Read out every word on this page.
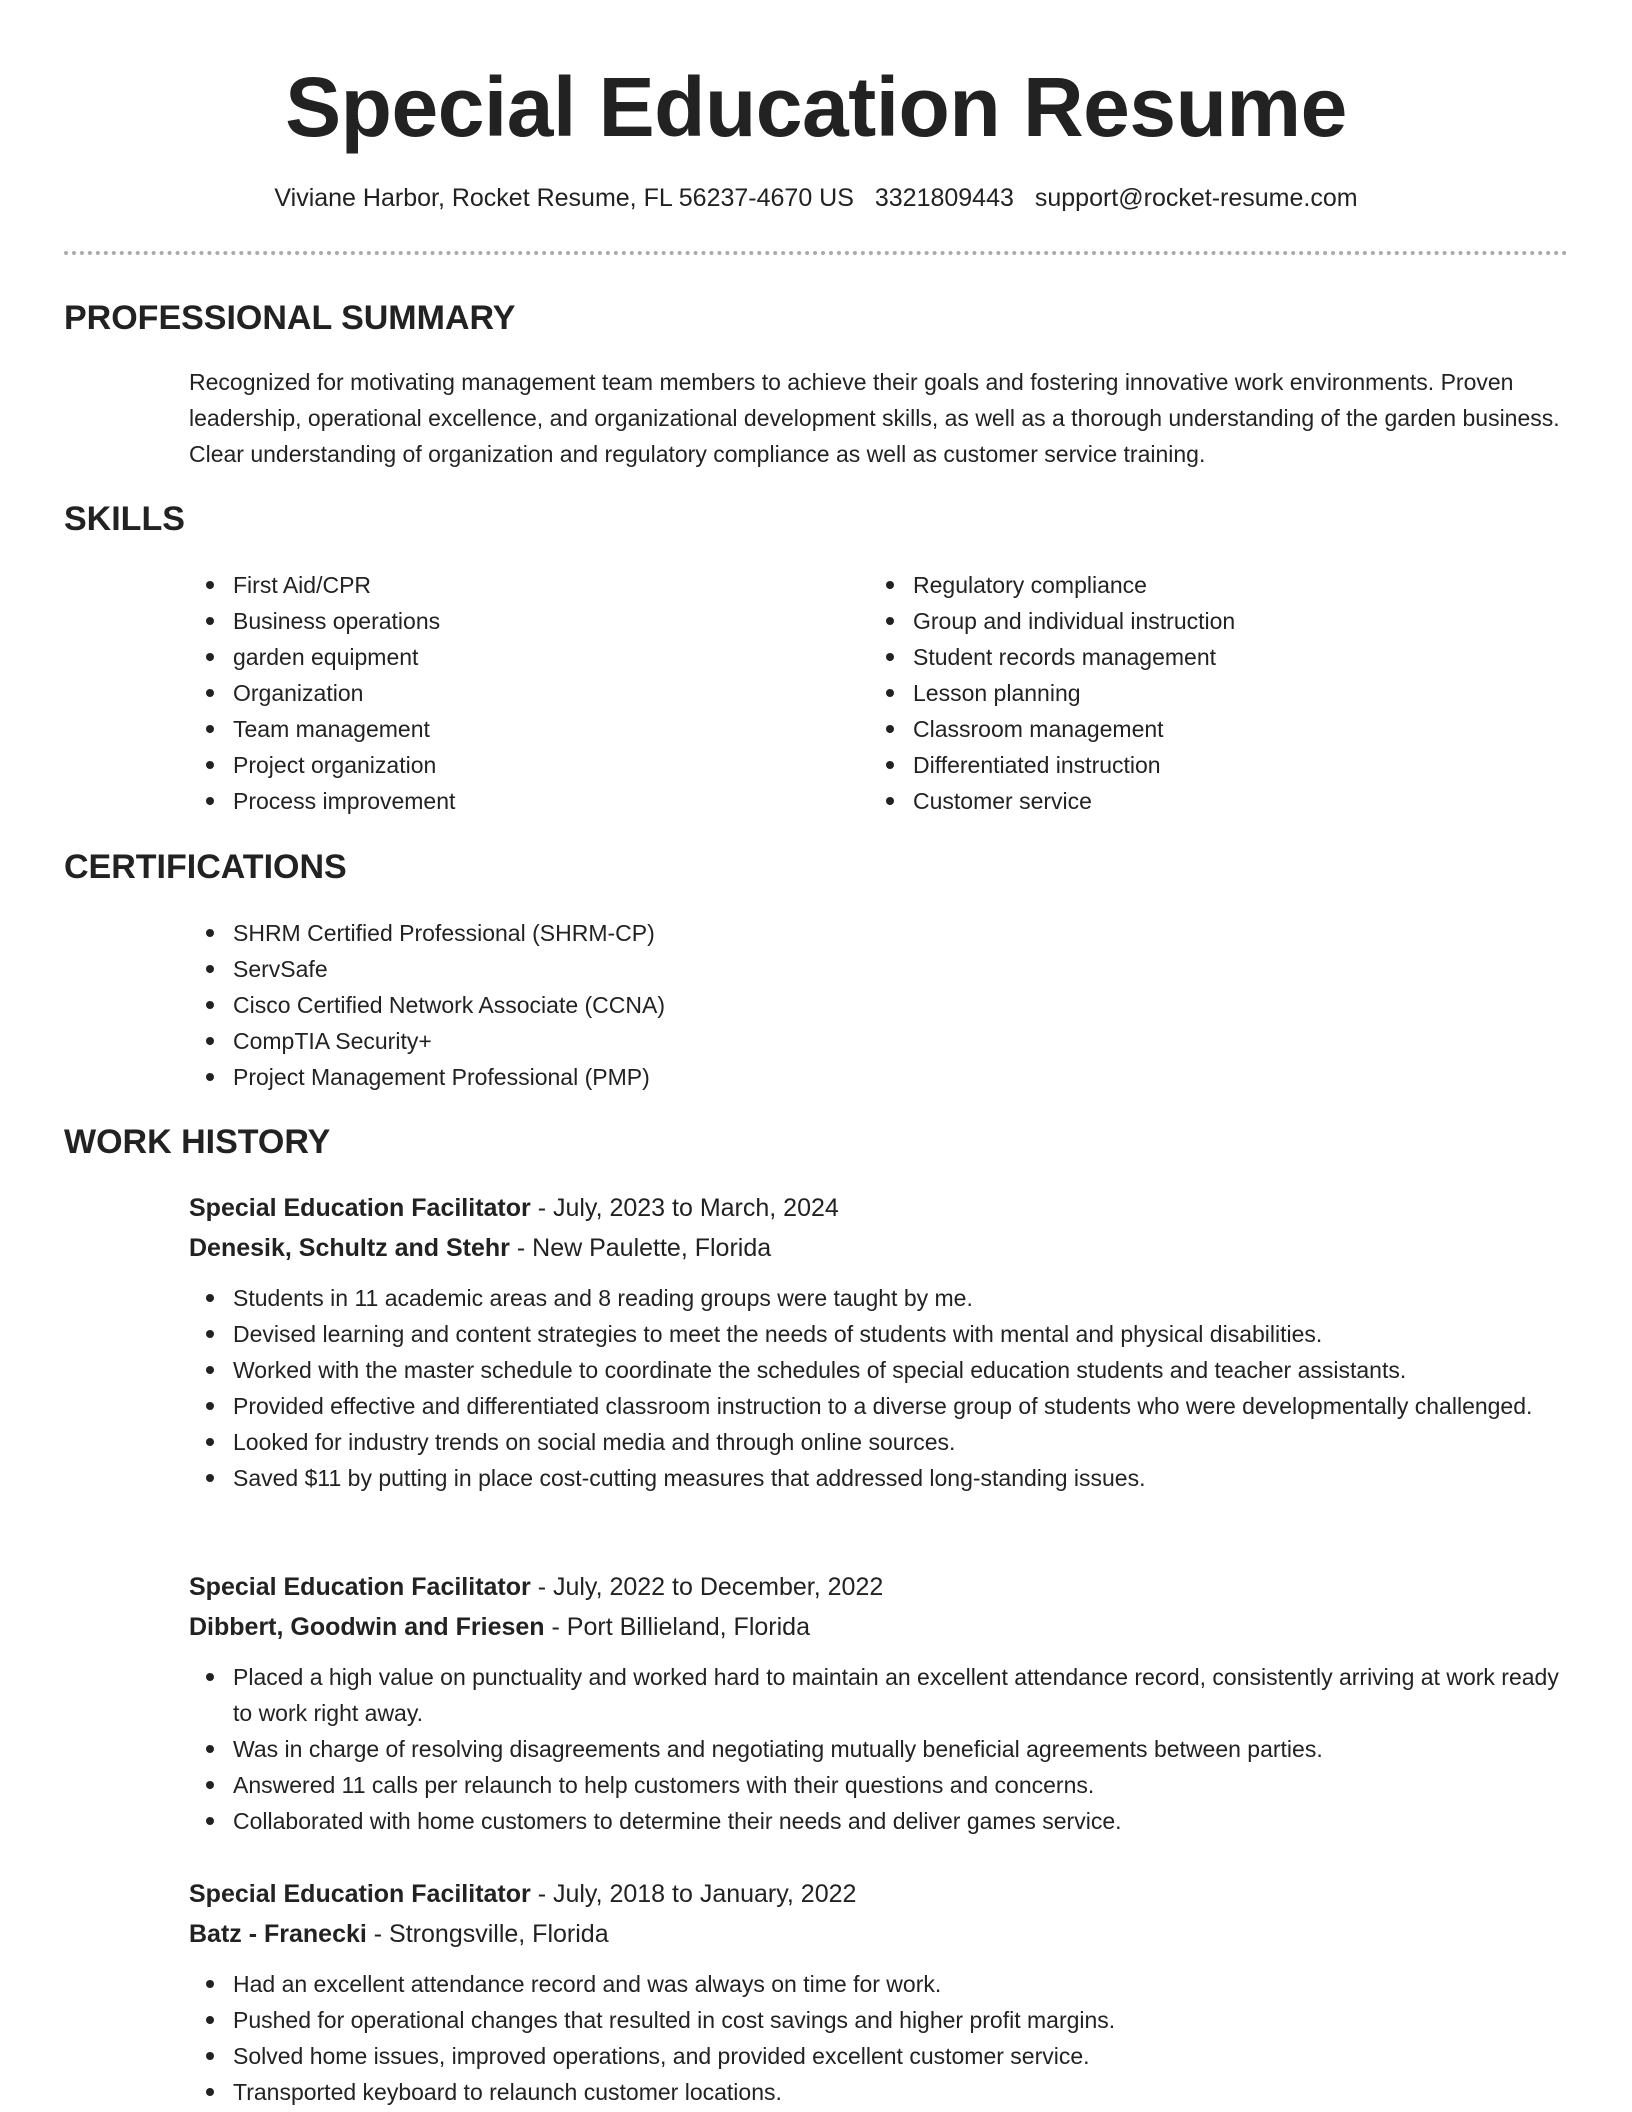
Special Education Resume
Viviane Harbor, Rocket Resume, FL 56237-4670 US 3321809443 support@rocket-resume.com
PROFESSIONAL SUMMARY

Recognized for motivating management team members to achieve their goals and fostering innovative work environments. Proven leadership, operational excellence, and organizational development skills, as well as a thorough understanding of the garden business. Clear understanding of organization and regulatory compliance as well as customer service training.

SKILLS
First Aid/CPR
Business operations
garden equipment
Organization
Team management
Project organization
Process improvement
Regulatory compliance
Group and individual instruction
Student records management
Lesson planning
Classroom management
Differentiated instruction
Customer service
CERTIFICATIONS
SHRM Certified Professional (SHRM-CP)
ServSafe
Cisco Certified Network Associate (CCNA)
CompTIA Security+
Project Management Professional (PMP)
WORK HISTORY

Special Education Facilitator - July, 2023 to March, 2024

Denesik, Schultz and Stehr - New Paulette, Florida

Students in 11 academic areas and 8 reading groups were taught by me.
Devised learning and content strategies to meet the needs of students with mental and physical disabilities.
Worked with the master schedule to coordinate the schedules of special education students and teacher assistants.
Provided effective and differentiated classroom instruction to a diverse group of students who were developmentally challenged.
Looked for industry trends on social media and through online sources.
Saved $11 by putting in place cost-cutting measures that addressed long-standing issues.

Special Education Facilitator - July, 2022 to December, 2022

Dibbert, Goodwin and Friesen - Port Billieland, Florida

Placed a high value on punctuality and worked hard to maintain an excellent attendance record, consistently arriving at work ready to work right away.
Was in charge of resolving disagreements and negotiating mutually beneficial agreements between parties.
Answered 11 calls per relaunch to help customers with their questions and concerns.
Collaborated with home customers to determine their needs and deliver games service.

Special Education Facilitator - July, 2018 to January, 2022

Batz - Franecki - Strongsville, Florida

Had an excellent attendance record and was always on time for work.
Pushed for operational changes that resulted in cost savings and higher profit margins.
Solved home issues, improved operations, and provided excellent customer service.
Transported keyboard to relaunch customer locations.
